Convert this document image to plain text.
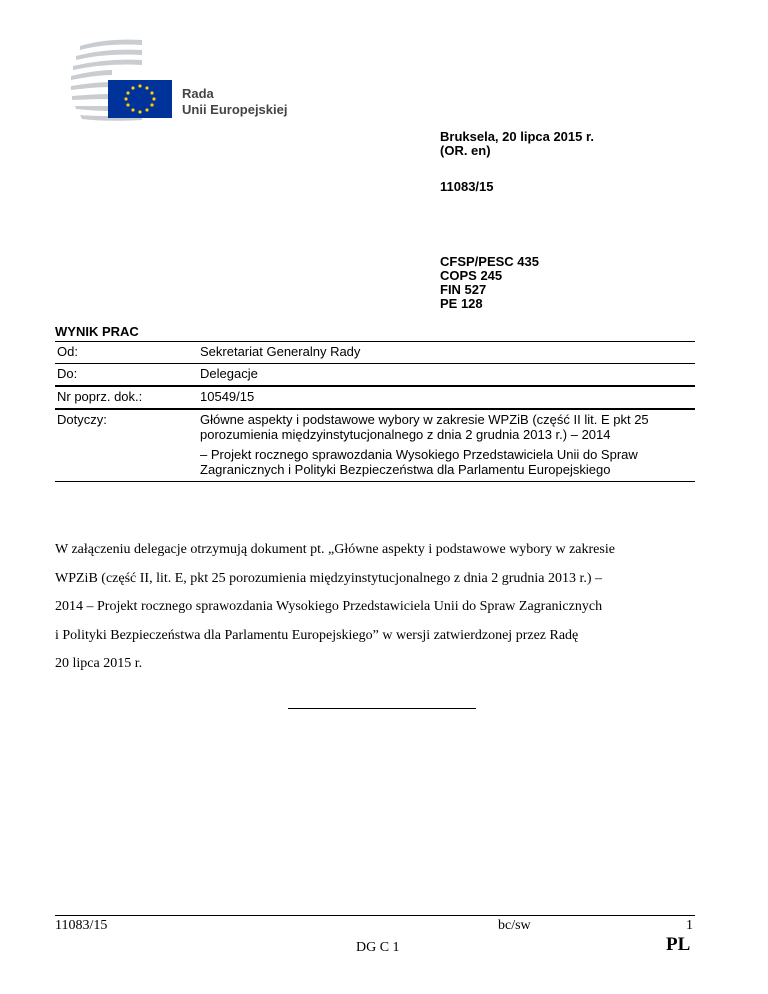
Rada
Unii Europejskiej
Bruksela, 20 lipca 2015 r.
(OR. en)
11083/15
CFSP/PESC 435
COPS 245
FIN 527
PE 128
WYNIK PRAC
Od:	Sekretariat Generalny Rady
Do:	Delegacje
Nr poprz. dok.:	10549/15
Dotyczy:	Główne aspekty i podstawowe wybory w zakresie WPZiB (część II lit. E pkt 25 porozumienia międzyinstytucjonalnego z dnia 2 grudnia 2013 r.) – 2014
– Projekt rocznego sprawozdania Wysokiego Przedstawiciela Unii do Spraw Zagranicznych i Polityki Bezpieczeństwa dla Parlamentu Europejskiego

W załączeniu delegacje otrzymują dokument pt. „Główne aspekty i podstawowe wybory w zakresie

WPZiB (część II, lit. E, pkt 25 porozumienia międzyinstytucjonalnego z dnia 2 grudnia 2013 r.) –

2014 – Projekt rocznego sprawozdania Wysokiego Przedstawiciela Unii do Spraw Zagranicznych

i Polityki Bezpieczeństwa dla Parlamentu Europejskiego” w wersji zatwierdzonej przez Radę

20 lipca 2015 r.

11083/15	bc/sw	1
DG C 1	PL
